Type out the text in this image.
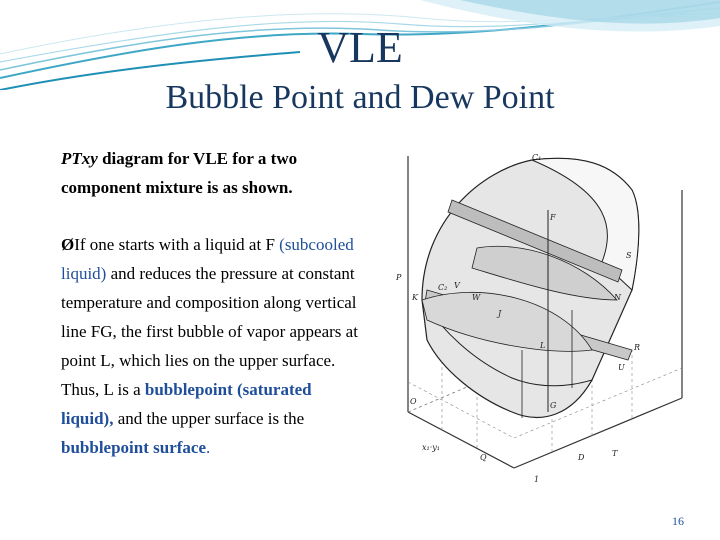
VLE
Bubble Point and Dew Point

PTxy diagram for VLE for a two component mixture is as shown.

ØIf one starts with a liquid at F (subcooled liquid) and reduces the pressure at constant temperature and composition along vertical line FG, the first bubble of vapor appears at point L, which lies on the upper surface. Thus, L is a bubblepoint (saturated liquid), and the upper surface is the bubblepoint surface.

C₁
C₂
P
T
x₁·y₁
O
K
D
Q
F
G
L
V
W	N
S
R
J
U
1
16
